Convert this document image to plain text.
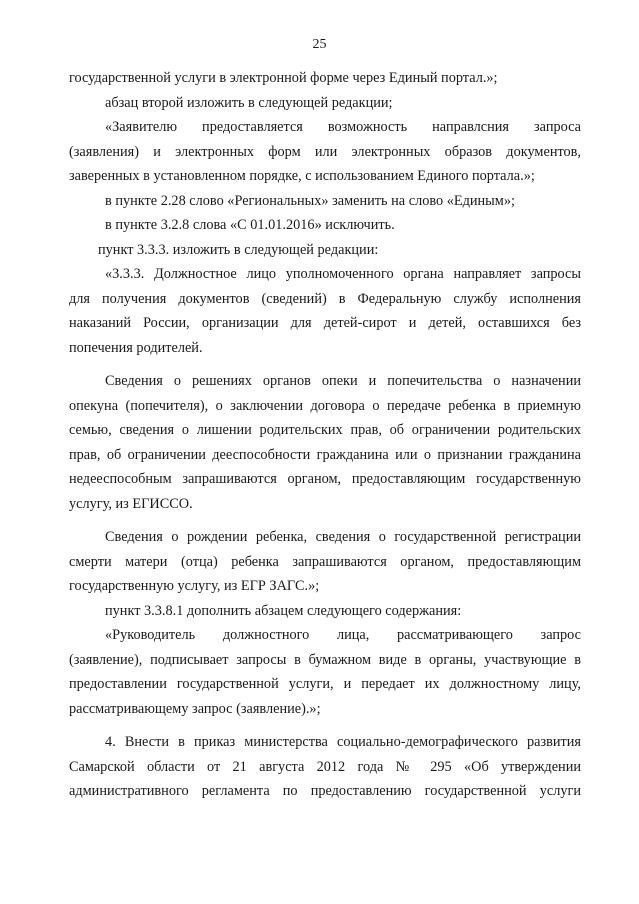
25
государственной услуги в электронной форме через Единый портал.»;
абзац второй изложить в следующей редакции;
«Заявителю предоставляется возможность направлсния запроса
(заявления) и электронных форм или электронных образов документов,
заверенных в установленном порядке, с использованием Единого портала.»;
в пункте 2.28 слово «Региональных» заменить на слово «Единым»;
в пункте 3.2.8 слова «С 01.01.2016» исключить.
пункт 3.3.3. изложить в следующей редакции:
«3.3.3. Должностное лицо уполномоченного органа направляет запросы
для получения документов (сведений) в Федеральную службу исполнения
наказаний России, организации для детей-сирот и детей, оставшихся без
попечения родителей.
Сведения о решениях органов опеки и попечительства о назначении
опекуна (попечителя), о заключении договора о передаче ребенка в приемную
семью, сведения о лишении родительских прав, об ограничении родительских
прав, об ограничении дееспособности гражданина или о признании гражданина
недееспособным запрашиваются органом, предоставляющим государственную
услугу, из ЕГИССО.
Сведения о рождении ребенка, сведения о государственной регистрации
смерти матери (отца) ребенка запрашиваются органом, предоставляющим
государственную услугу, из ЕГР ЗАГС.»;
пункт 3.3.8.1 дополнить абзацем следующего содержания:
«Руководитель должностного лица, рассматривающего запрос
(заявление), подписывает запросы в бумажном виде в органы, участвующие в
предоставлении государственной услуги, и передает их должностному лицу,
рассматривающему запрос (заявление).»;
4. Внести в приказ министерства социально-демографического развития
Самарской области от 21 августа 2012 года № 295 «Об утверждении
административного регламента по предоставлению государственной услуги
